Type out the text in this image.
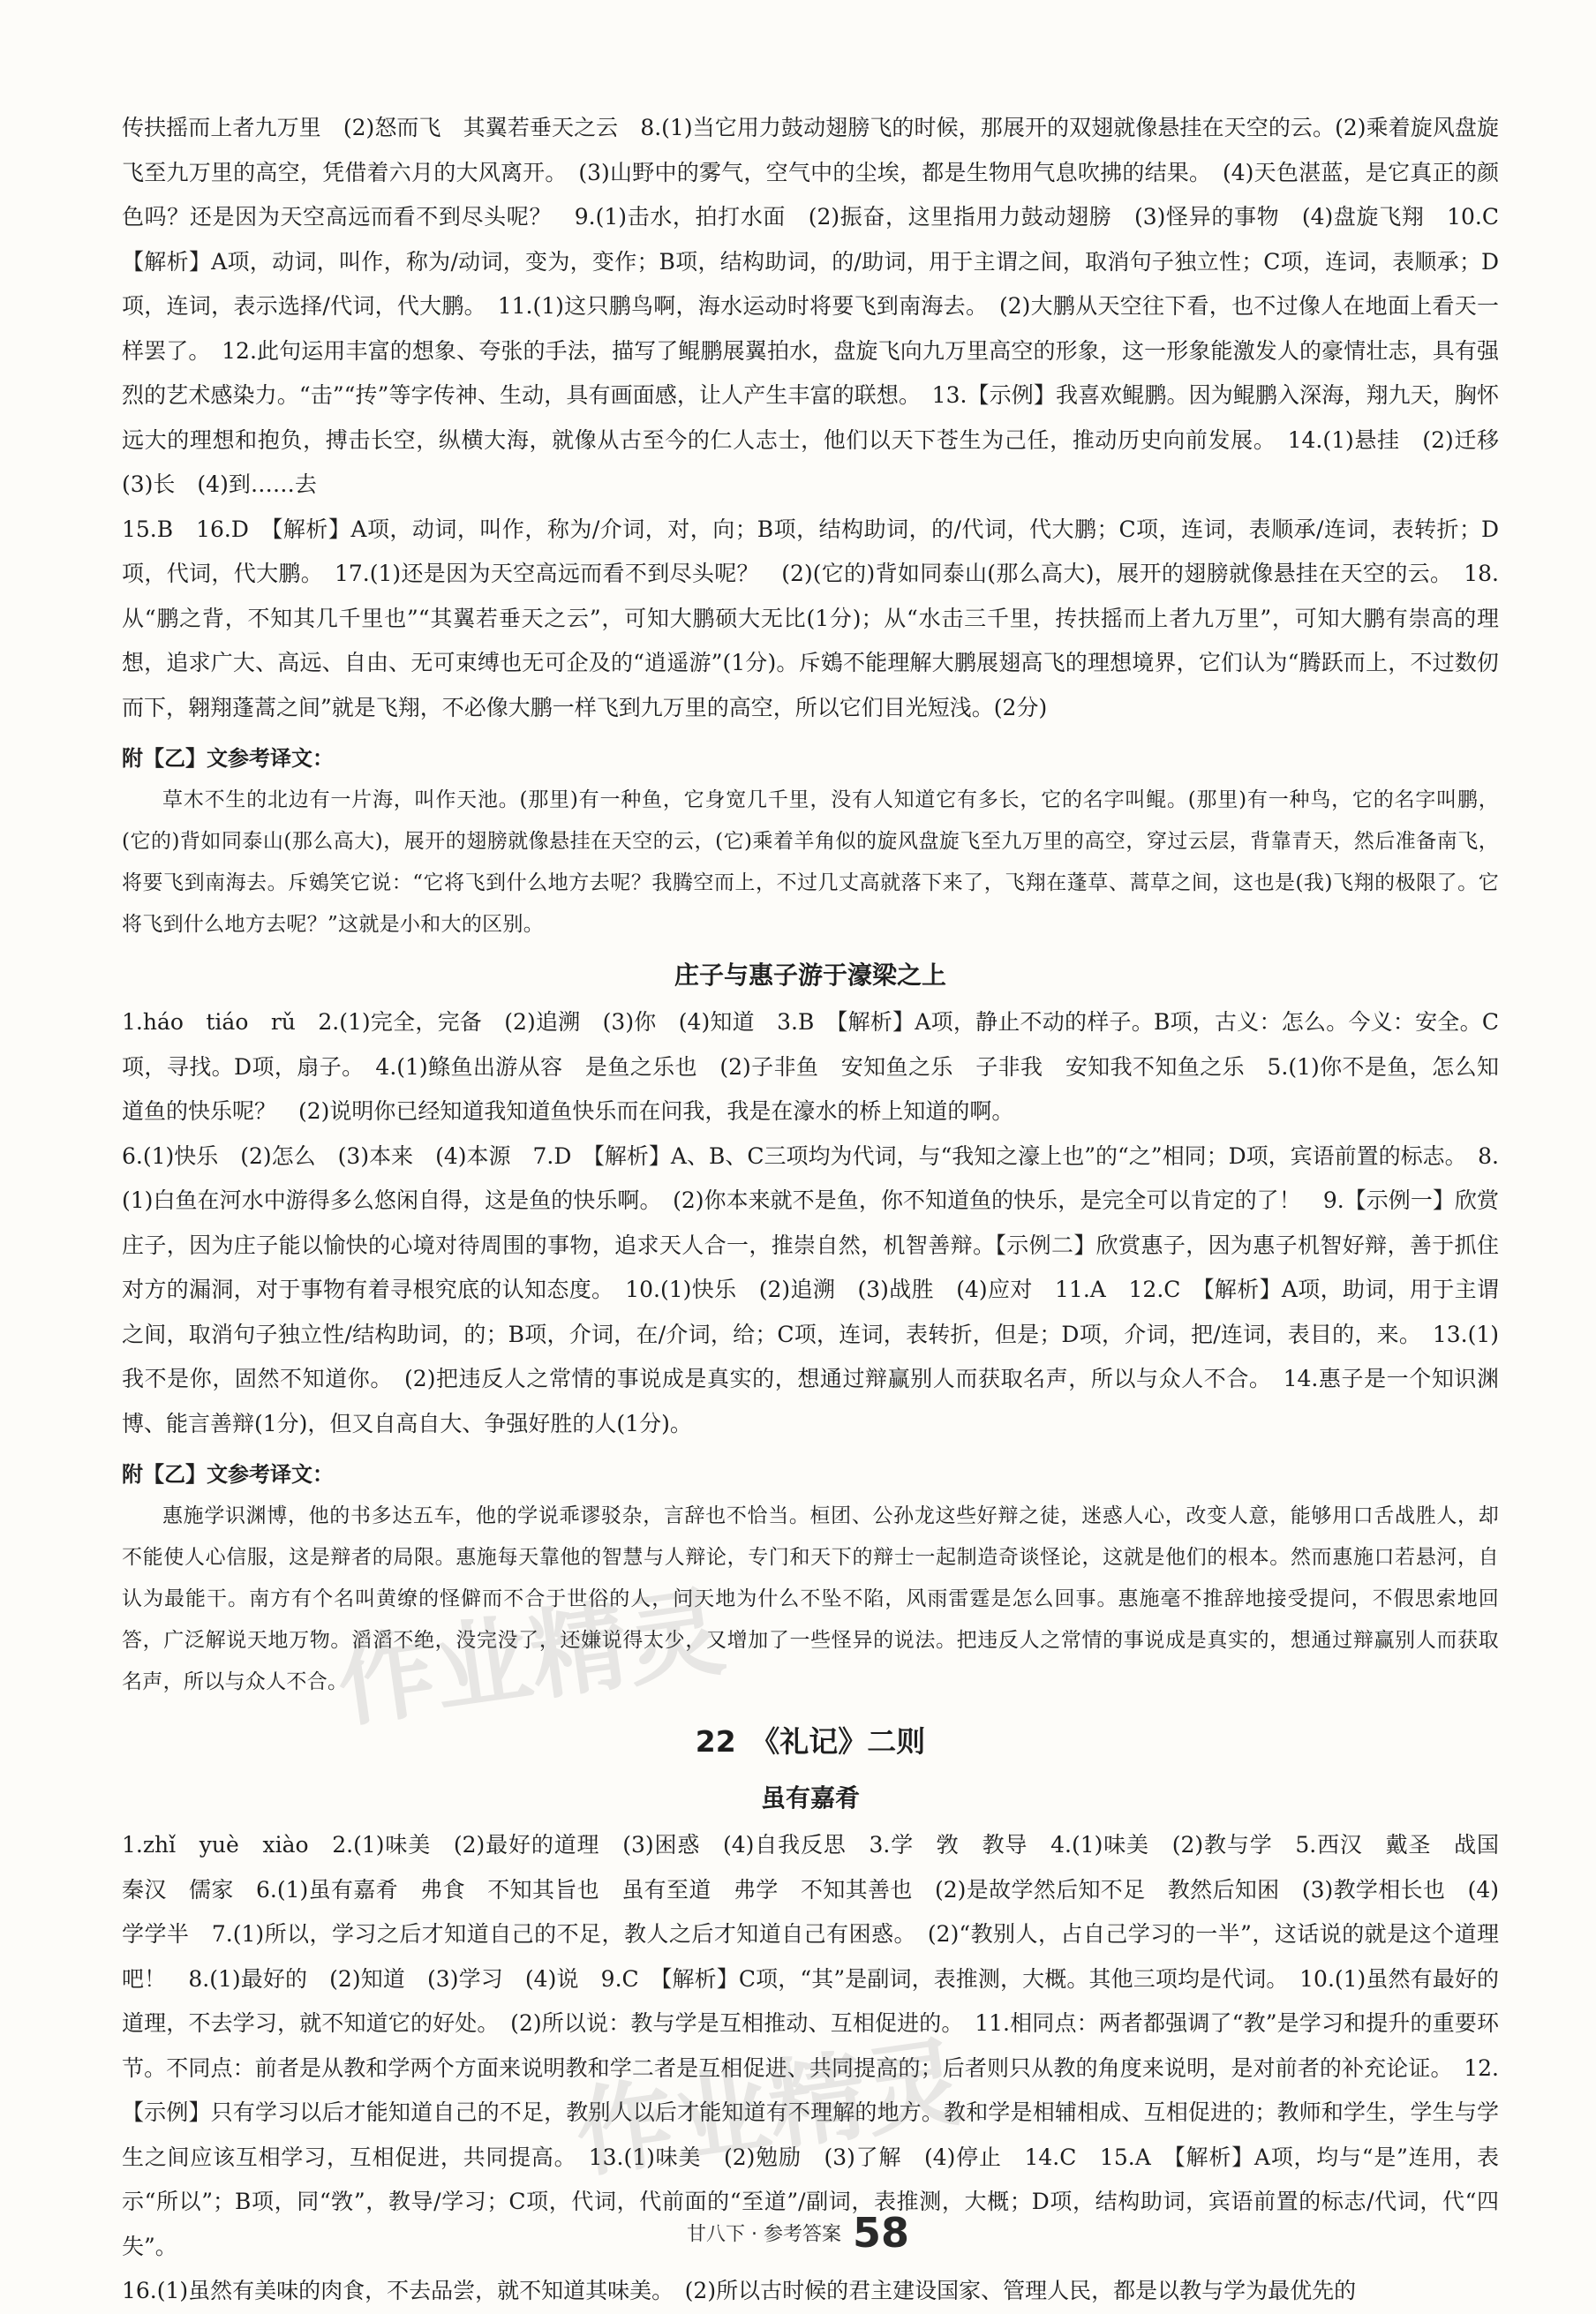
传扶摇而上者九万里　(2)怒而飞　其翼若垂天之云　8.(1)当它用力鼓动翅膀飞的时候，那展开的双翅就像悬挂在天空的云。(2)乘着旋风盘旋飞至九万里的高空，凭借着六月的大风离开。　(3)山野中的雾气，空气中的尘埃，都是生物用气息吹拂的结果。　(4)天色湛蓝，是它真正的颜色吗？还是因为天空高远而看不到尽头呢？　9.(1)击水，拍打水面　(2)振奋，这里指用力鼓动翅膀　(3)怪异的事物　(4)盘旋飞翔　10.C　【解析】A项，动词，叫作，称为/动词，变为，变作；B项，结构助词，的/助词，用于主谓之间，取消句子独立性；C项，连词，表顺承；D项，连词，表示选择/代词，代大鹏。　11.(1)这只鹏鸟啊，海水运动时将要飞到南海去。　(2)大鹏从天空往下看，也不过像人在地面上看天一样罢了。　12.此句运用丰富的想象、夸张的手法，描写了鲲鹏展翼拍水，盘旋飞向九万里高空的形象，这一形象能激发人的豪情壮志，具有强烈的艺术感染力。“击”“抟”等字传神、生动，具有画面感，让人产生丰富的联想。　13.【示例】我喜欢鲲鹏。因为鲲鹏入深海，翔九天，胸怀远大的理想和抱负，搏击长空，纵横大海，就像从古至今的仁人志士，他们以天下苍生为己任，推动历史向前发展。　14.(1)悬挂　(2)迁移　(3)长　(4)到……去

15.B　16.D　【解析】A项，动词，叫作，称为/介词，对，向；B项，结构助词，的/代词，代大鹏；C项，连词，表顺承/连词，表转折；D项，代词，代大鹏。　17.(1)还是因为天空高远而看不到尽头呢？　(2)(它的)背如同泰山(那么高大)，展开的翅膀就像悬挂在天空的云。　18.从“鹏之背，不知其几千里也”“其翼若垂天之云”，可知大鹏硕大无比(1分)；从“水击三千里，抟扶摇而上者九万里”，可知大鹏有崇高的理想，追求广大、高远、自由、无可束缚也无可企及的“逍遥游”(1分)。斥鴳不能理解大鹏展翅高飞的理想境界，它们认为“腾跃而上，不过数仞而下，翱翔蓬蒿之间”就是飞翔，不必像大鹏一样飞到九万里的高空，所以它们目光短浅。(2分)

附【乙】文参考译文：

草木不生的北边有一片海，叫作天池。(那里)有一种鱼，它身宽几千里，没有人知道它有多长，它的名字叫鲲。(那里)有一种鸟，它的名字叫鹏，(它的)背如同泰山(那么高大)，展开的翅膀就像悬挂在天空的云，(它)乘着羊角似的旋风盘旋飞至九万里的高空，穿过云层，背靠青天，然后准备南飞，将要飞到南海去。斥鴳笑它说：“它将飞到什么地方去呢？我腾空而上，不过几丈高就落下来了，飞翔在蓬草、蒿草之间，这也是(我)飞翔的极限了。它将飞到什么地方去呢？”这就是小和大的区别。

庄子与惠子游于濠梁之上

1.háo　tiáo　rǔ　2.(1)完全，完备　(2)追溯　(3)你　(4)知道　3.B　【解析】A项，静止不动的样子。B项，古义：怎么。今义：安全。C项，寻找。D项，扇子。　4.(1)鲦鱼出游从容　是鱼之乐也　(2)子非鱼　安知鱼之乐　子非我　安知我不知鱼之乐　5.(1)你不是鱼，怎么知道鱼的快乐呢？　(2)说明你已经知道我知道鱼快乐而在问我，我是在濠水的桥上知道的啊。

6.(1)快乐　(2)怎么　(3)本来　(4)本源　7.D　【解析】A、B、C三项均为代词，与“我知之濠上也”的“之”相同；D项，宾语前置的标志。　8.(1)白鱼在河水中游得多么悠闲自得，这是鱼的快乐啊。　(2)你本来就不是鱼，你不知道鱼的快乐，是完全可以肯定的了！　9.【示例一】欣赏庄子，因为庄子能以愉快的心境对待周围的事物，追求天人合一，推崇自然，机智善辩。【示例二】欣赏惠子，因为惠子机智好辩，善于抓住对方的漏洞，对于事物有着寻根究底的认知态度。　10.(1)快乐　(2)追溯　(3)战胜　(4)应对　11.A　12.C　【解析】A项，助词，用于主谓之间，取消句子独立性/结构助词，的；B项，介词，在/介词，给；C项，连词，表转折，但是；D项，介词，把/连词，表目的，来。　13.(1)我不是你，固然不知道你。　(2)把违反人之常情的事说成是真实的，想通过辩赢别人而获取名声，所以与众人不合。　14.惠子是一个知识渊博、能言善辩(1分)，但又自高自大、争强好胜的人(1分)。

附【乙】文参考译文：

惠施学识渊博，他的书多达五车，他的学说乖谬驳杂，言辞也不恰当。桓团、公孙龙这些好辩之徒，迷惑人心，改变人意，能够用口舌战胜人，却不能使人心信服，这是辩者的局限。惠施每天靠他的智慧与人辩论，专门和天下的辩士一起制造奇谈怪论，这就是他们的根本。然而惠施口若悬河，自认为最能干。南方有个名叫黄缭的怪僻而不合于世俗的人，问天地为什么不坠不陷，风雨雷霆是怎么回事。惠施毫不推辞地接受提问，不假思索地回答，广泛解说天地万物。滔滔不绝，没完没了，还嫌说得太少，又增加了一些怪异的说法。把违反人之常情的事说成是真实的，想通过辩赢别人而获取名声，所以与众人不合。

22　《礼记》二则
虽有嘉肴

1.zhǐ　yuè　xiào　2.(1)味美　(2)最好的道理　(3)困惑　(4)自我反思　3.学　敩　教导　4.(1)味美　(2)教与学　5.西汉　戴圣　战国　秦汉　儒家　6.(1)虽有嘉肴　弗食　不知其旨也　虽有至道　弗学　不知其善也　(2)是故学然后知不足　教然后知困　(3)教学相长也　(4)学学半　7.(1)所以，学习之后才知道自己的不足，教人之后才知道自己有困惑。　(2)“教别人，占自己学习的一半”，这话说的就是这个道理吧！　8.(1)最好的　(2)知道　(3)学习　(4)说　9.C　【解析】C项，“其”是副词，表推测，大概。其他三项均是代词。　10.(1)虽然有最好的道理，不去学习，就不知道它的好处。　(2)所以说：教与学是互相推动、互相促进的。　11.相同点：两者都强调了“教”是学习和提升的重要环节。不同点：前者是从教和学两个方面来说明教和学二者是互相促进、共同提高的；后者则只从教的角度来说明，是对前者的补充论证。　12.【示例】只有学习以后才能知道自己的不足，教别人以后才能知道有不理解的地方。教和学是相辅相成、互相促进的；教师和学生，学生与学生之间应该互相学习，互相促进，共同提高。　13.(1)味美　(2)勉励　(3)了解　(4)停止　14.C　15.A　【解析】A项，均与“是”连用，表示“所以”；B项，同“敩”，教导/学习；C项，代词，代前面的“至道”/副词，表推测，大概；D项，结构助词，宾语前置的标志/代词，代“四失”。

16.(1)虽然有美味的肉食，不去品尝，就不知道其味美。　(2)所以古时候的君主建设国家、管理人民，都是以教与学为最优先的

作业精灵
作业精灵
甘八下 · 参考答案 58
